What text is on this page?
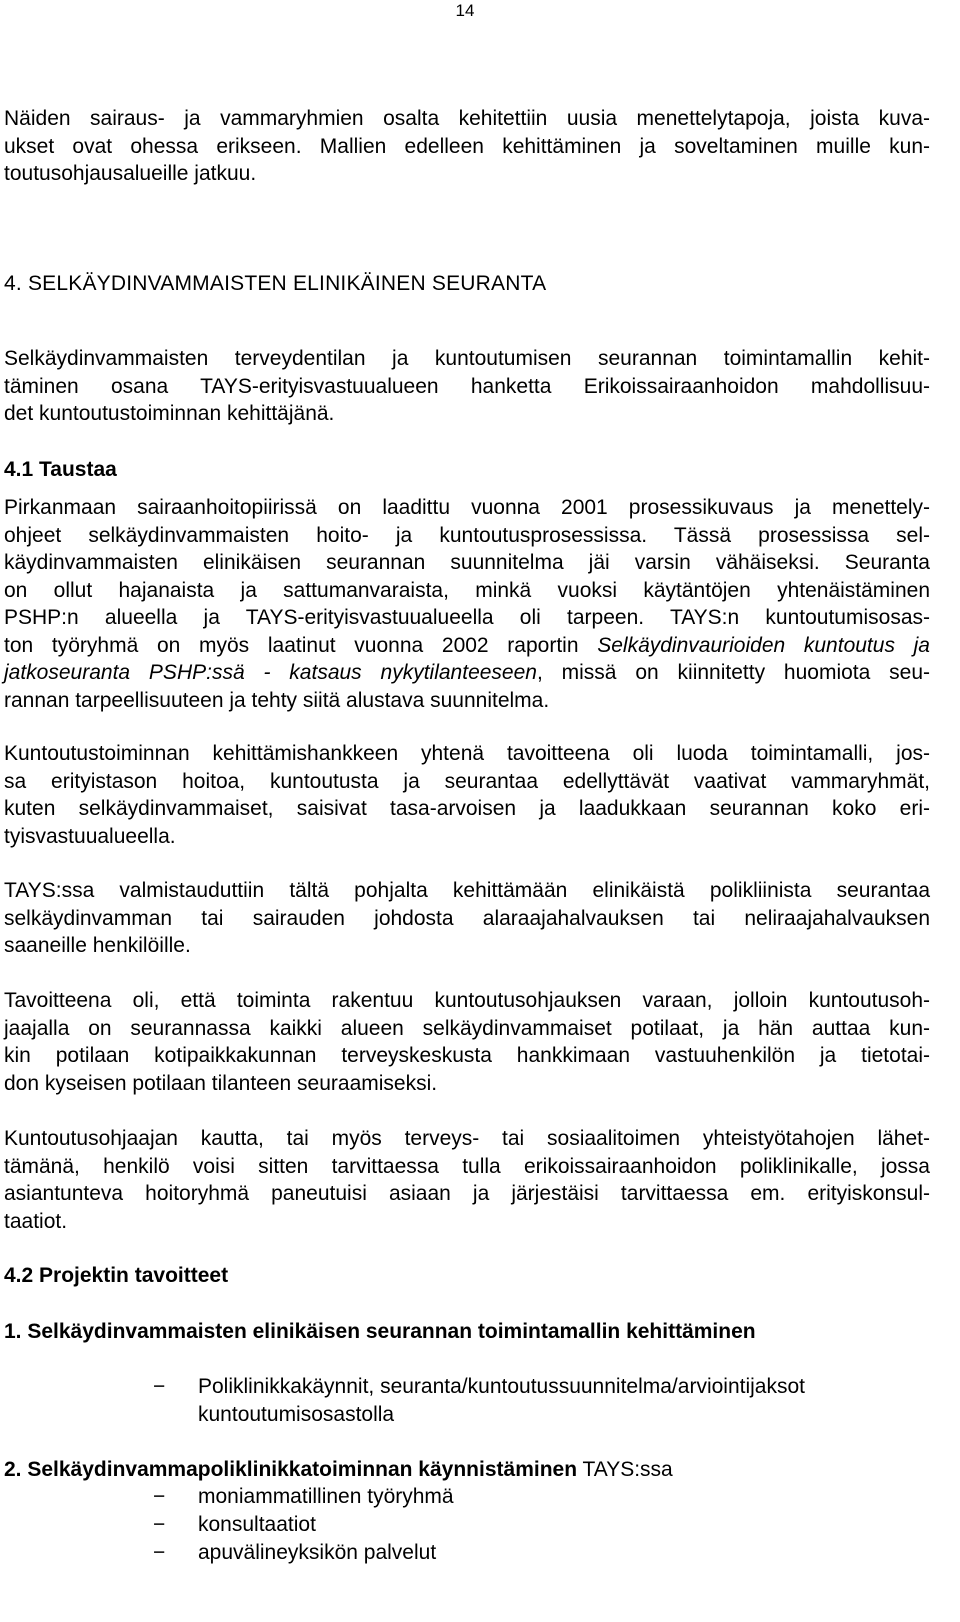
14
Näiden sairaus- ja vammaryhmien osalta kehitettiin uusia menettelytapoja, joista kuva-
ukset ovat ohessa erikseen. Mallien edelleen kehittäminen ja soveltaminen muille kun-
toutusohjausalueille jatkuu.
4. SELKÄYDINVAMMAISTEN ELINIKÄINEN SEURANTA
Selkäydinvammaisten terveydentilan ja kuntoutumisen seurannan toimintamallin kehit-
täminen osana TAYS-erityisvastuualueen hanketta Erikoissairaanhoidon mahdollisuu-
det kuntoutustoiminnan kehittäjänä.
4.1 Taustaa
Pirkanmaan sairaanhoitopiirissä on laadittu vuonna 2001 prosessikuvaus ja menettely-
ohjeet selkäydinvammaisten hoito- ja kuntoutusprosessissa. Tässä prosessissa sel-
käydinvammaisten elinikäisen seurannan suunnitelma jäi varsin vähäiseksi. Seuranta
on ollut hajanaista ja sattumanvaraista, minkä vuoksi käytäntöjen yhtenäistäminen
PSHP:n alueella ja TAYS-erityisvastuualueella oli tarpeen. TAYS:n kuntoutumisosas-
ton työryhmä on myös laatinut vuonna 2002 raportin Selkäydinvaurioiden kuntoutus ja
jatkoseuranta PSHP:ssä - katsaus nykytilanteeseen, missä on kiinnitetty huomiota seu-
rannan tarpeellisuuteen ja tehty siitä alustava suunnitelma.
Kuntoutustoiminnan kehittämishankkeen yhtenä tavoitteena oli luoda toimintamalli, jos-
sa erityistason hoitoa, kuntoutusta ja seurantaa edellyttävät vaativat vammaryhmät,
kuten selkäydinvammaiset, saisivat tasa-arvoisen ja laadukkaan seurannan koko eri-
tyisvastuualueella.
TAYS:ssa valmistauduttiin tältä pohjalta kehittämään elinikäistä polikliinista seurantaa
selkäydinvamman tai sairauden johdosta alaraajahalvauksen tai neliraajahalvauksen
saaneille henkilöille.
Tavoitteena oli, että toiminta rakentuu kuntoutusohjauksen varaan, jolloin kuntoutusoh-
jaajalla on seurannassa kaikki alueen selkäydinvammaiset potilaat, ja hän auttaa kun-
kin potilaan kotipaikkakunnan terveyskeskusta hankkimaan vastuuhenkilön ja tietotai-
don kyseisen potilaan tilanteen seuraamiseksi.
Kuntoutusohjaajan kautta, tai myös terveys- tai sosiaalitoimen yhteistyötahojen lähet-
tämänä, henkilö voisi sitten tarvittaessa tulla erikoissairaanhoidon poliklinikalle, jossa
asiantunteva hoitoryhmä paneutuisi asiaan ja järjestäisi tarvittaessa em. erityiskonsul-
taatiot.
4.2 Projektin tavoitteet
1. Selkäydinvammaisten elinikäisen seurannan toimintamallin kehittäminen
− Poliklinikkakäynnit, seuranta/kuntoutussuunnitelma/arviointijaksot
kuntoutumisosastolla
2. Selkäydinvammapoliklinikkatoiminnan käynnistäminen TAYS:ssa
− moniammatillinen työryhmä
− konsultaatiot
− apuvälineyksikön palvelut
